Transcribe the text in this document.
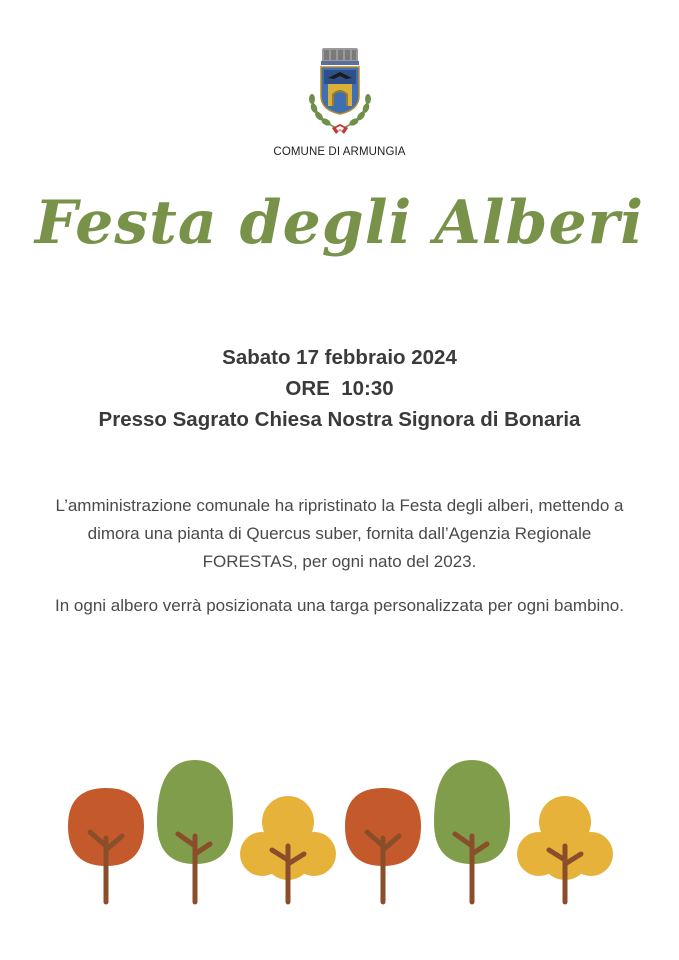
COMUNE DI ARMUNGIA
Festa degli Alberi
Sabato 17 febbraio 2024
ORE  10:30
Presso Sagrato Chiesa Nostra Signora di Bonaria

L’amministrazione comunale ha ripristinato la Festa degli alberi, mettendo a dimora una pianta di Quercus suber, fornita dall’Agenzia Regionale FORESTAS, per ogni nato del 2023.

In ogni albero verrà posizionata una targa personalizzata per ogni bambino.
